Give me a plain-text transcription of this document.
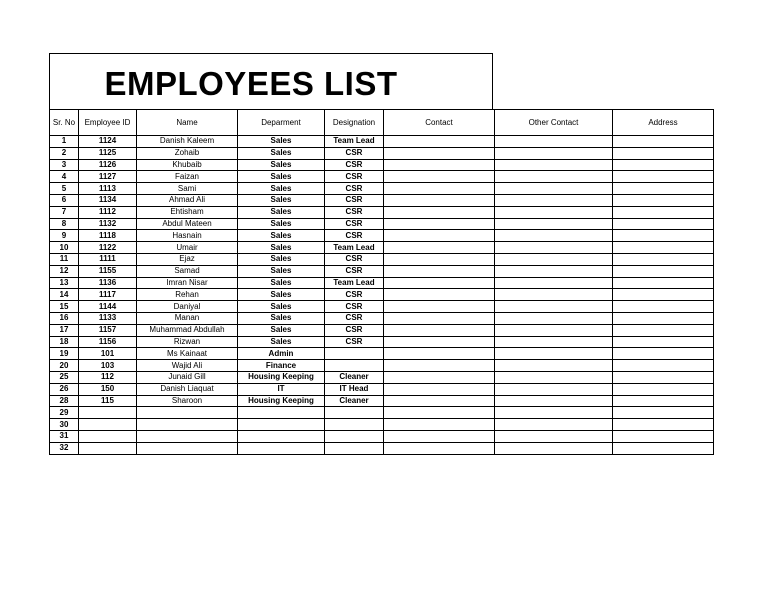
EMPLOYEES LIST
Sr. No	Employee ID	Name	Deparment	Designation	Contact	Other Contact	Address
1	1124	Danish Kaleem	Sales	Team Lead			
2	1125	Zohaib	Sales	CSR			
3	1126	Khubaib	Sales	CSR			
4	1127	Faizan	Sales	CSR			
5	1113	Sami	Sales	CSR			
6	1134	Ahmad Ali	Sales	CSR			
7	1112	Ehtisham	Sales	CSR			
8	1132	Abdul Mateen	Sales	CSR			
9	1118	Hasnain	Sales	CSR			
10	1122	Umair	Sales	Team Lead			
11	1111	Ejaz	Sales	CSR			
12	1155	Samad	Sales	CSR			
13	1136	Imran Nisar	Sales	Team Lead			
14	1117	Rehan	Sales	CSR			
15	1144	Daniyal	Sales	CSR			
16	1133	Manan	Sales	CSR			
17	1157	Muhammad Abdullah	Sales	CSR			
18	1156	Rizwan	Sales	CSR			
19	101	Ms Kainaat	Admin				
20	103	Wajid Ali	Finance				
25	112	Junaid Gill	Housing Keeping	Cleaner			
26	150	Danish Liaquat	IT	IT Head			
28	115	Sharoon	Housing Keeping	Cleaner			
29							
30							
31							
32							
